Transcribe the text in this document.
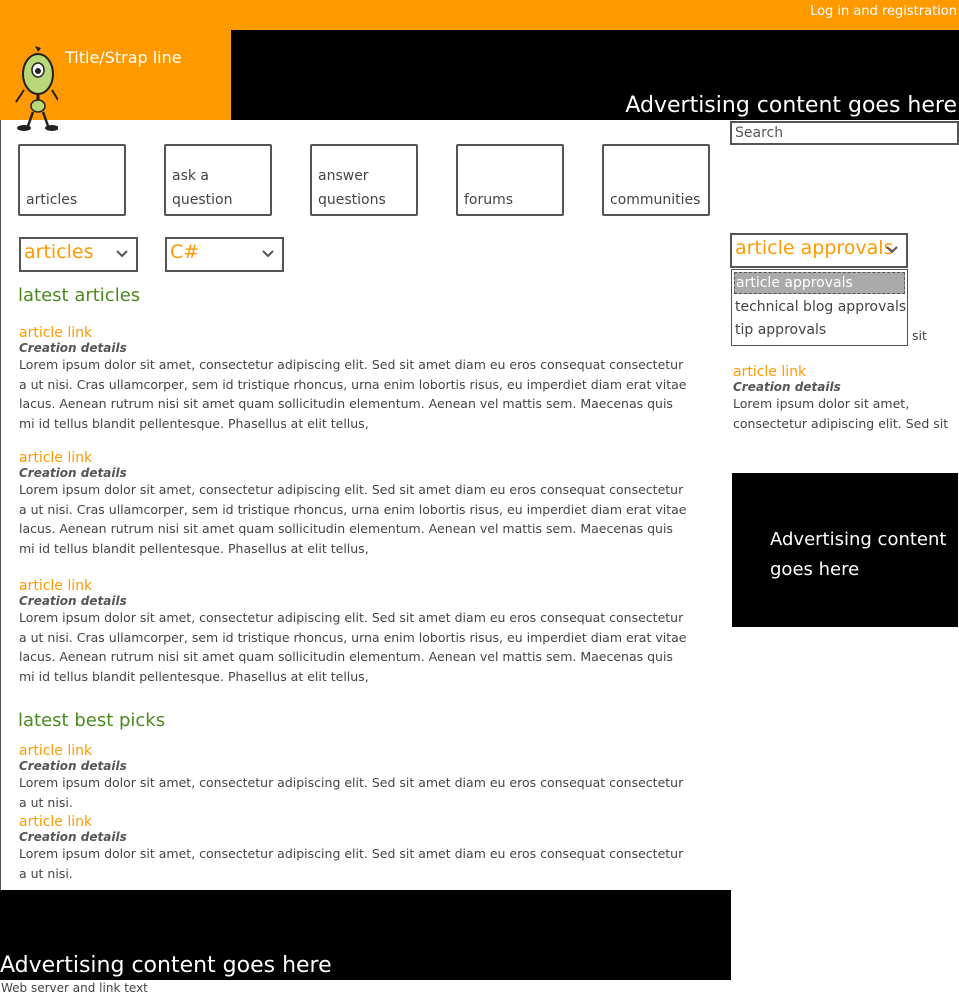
Log in and registration
Title/Strap line
Advertising content goes here
articles
ask a question
answer questions	forums	communities
articles	C#
Search	article approvals
sit
article approvals
technical blog approvals
tip approvals
latest articles
article link
Creation details
Lorem ipsum dolor sit amet, consectetur adipiscing elit. Sed sit amet diam eu eros consequat consectetur a ut nisi. Cras ullamcorper, sem id tristique rhoncus, urna enim lobortis risus, eu imperdiet diam erat vitae lacus. Aenean rutrum nisi sit amet quam sollicitudin elementum. Aenean vel mattis sem. Maecenas quis mi id tellus blandit pellentesque. Phasellus at elit tellus,
article link
Creation details
Lorem ipsum dolor sit amet, consectetur adipiscing elit. Sed sit amet diam eu eros consequat consectetur a ut nisi. Cras ullamcorper, sem id tristique rhoncus, urna enim lobortis risus, eu imperdiet diam erat vitae lacus. Aenean rutrum nisi sit amet quam sollicitudin elementum. Aenean vel mattis sem. Maecenas quis mi id tellus blandit pellentesque. Phasellus at elit tellus,
article link
Creation details
Lorem ipsum dolor sit amet, consectetur adipiscing elit. Sed sit amet diam eu eros consequat consectetur a ut nisi. Cras ullamcorper, sem id tristique rhoncus, urna enim lobortis risus, eu imperdiet diam erat vitae lacus. Aenean rutrum nisi sit amet quam sollicitudin elementum. Aenean vel mattis sem. Maecenas quis mi id tellus blandit pellentesque. Phasellus at elit tellus,
latest best picks
article link
Creation details
Lorem ipsum dolor sit amet, consectetur adipiscing elit. Sed sit amet diam eu eros consequat consectetur a ut nisi.
article link
Creation details
Lorem ipsum dolor sit amet, consectetur adipiscing elit. Sed sit amet diam eu eros consequat consectetur a ut nisi.
article link
Creation details
Lorem ipsum dolor sit amet, consectetur adipiscing elit. Sed sit
Advertising content goes here
Advertising content goes here
Web server and link text
